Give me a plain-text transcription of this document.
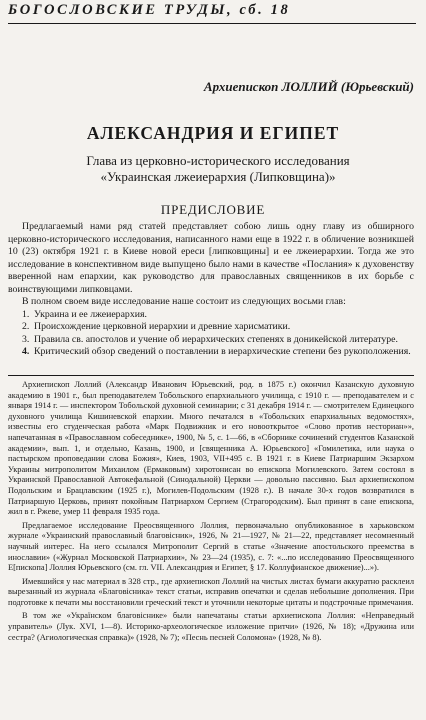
БОГОСЛОВСКИЕ ТРУДЫ, сб. 18
Архиепископ ЛОЛЛИЙ (Юрьевский)
АЛЕКСАНДРИЯ И ЕГИПЕТ
Глава из церковно-исторического исследования
«Украинская лжеиерархия (Липковщина)»
ПРЕДИСЛОВИЕ

Предлагаемый нами ряд статей представляет собою лишь одну главу из обширного церковно-исторического исследования, написанного нами еще в 1922 г. в обличение возникшей 10 (23) октября 1921 г. в Киеве новой ереси [липковщины] и ее лжеиерархии. Тогда же это исследование в конспективном виде выпущено было нами в качестве «Послания» к духовенству вверенной нам епархии, как руководство для православных священников в их борьбе с воинствующими липковцами.

В полном своем виде исследование наше состоит из следующих восьми глав:

1. Украина и ее лжеиерархия.
2. Происхождение церковной иерархии и древние харисматики.
3. Правила св. апостолов и учение об иерархических степенях в доникейской литературе.
4. Критический обзор сведений о поставлении в иерархические степени без рукоположения.

Архиепископ Лоллий (Александр Иванович Юрьевский, род. в 1875 г.) окончил Казанскую духовную академию в 1901 г., был преподавателем Тобольского епархиального училища, с 1910 г. — преподавателем и с января 1914 г. — инспектором Тобольской духовной семинарии; с 31 декабря 1914 г. — смотрителем Единецкого духовного училища Кишиневской епархии. Много печатался в «Тобольских епархиальных ведомостях», известны его студенческая работа «Марк Подвижник и его новооткрытое «Слово против несториан»», напечатанная в «Православном собеседнике», 1900, № 5, с. 1—66, в «Сборнике сочинений студентов Казанской академии», вып. 1, и отдельно, Казань, 1900, и [священника А. Юрьевского] «Гомилетика, или наука о пастырском проповедании слова Божия», Киев, 1903, VII+495 с. В 1921 г. в Киеве Патриаршим Экзархом Украины митрополитом Михаилом (Ермаковым) хиротонисан во епископа Могилевского. Затем состоял в Украинской Православной Автокефальной (Синодальной) Церкви — довольно пассивно. Был архиепископом Подольским и Брацлавским (1925 г.), Могилев-Подольским (1928 г.). В начале 30-х годов возвратился в Патриаршую Церковь, принят покойным Патриархом Сергием (Страгородским). Был принят в сане епископа, жил в г. Ржеве, умер 11 февраля 1935 года.

Предлагаемое исследование Преосвященного Лоллия, первоначально опубликованное в харьковском журнале «Украинский православный благовiсник», 1926, № 21—1927, № 21—22, представляет несомненный научный интерес. На него ссылался Митрополит Сергий в статье «Значение апостольского преемства в инославии» («Журнал Московской Патриархии», № 23—24 (1935), с. 7: «...по исследованию Преосвященного Е[пископа] Лоллия Юрьевского (см. гл. VII. Александрия и Египет, § 17. Коллуфианское движение)...»).

Имевшийся у нас материал в 328 стр., где архиепископ Лоллий на чистых листах бумаги аккуратно расклеил вырезанный из журнала «Благовiсника» текст статьи, исправив опечатки и сделав небольшие дополнения. При подготовке к печати мы восстановили греческий текст и уточнили некоторые цитаты и подстрочные примечания.

В том же «Украïнском благовiснике» были напечатаны статьи архиепископа Лоллия: «Неправедный управитель» (Лук. XVI, 1—8). Историко-археологическое изложение притчи» (1926, № 18); «Дружина или сестра? (Агиологическая справка)» (1928, № 7); «Песнь песней Соломона» (1928, № 8).
